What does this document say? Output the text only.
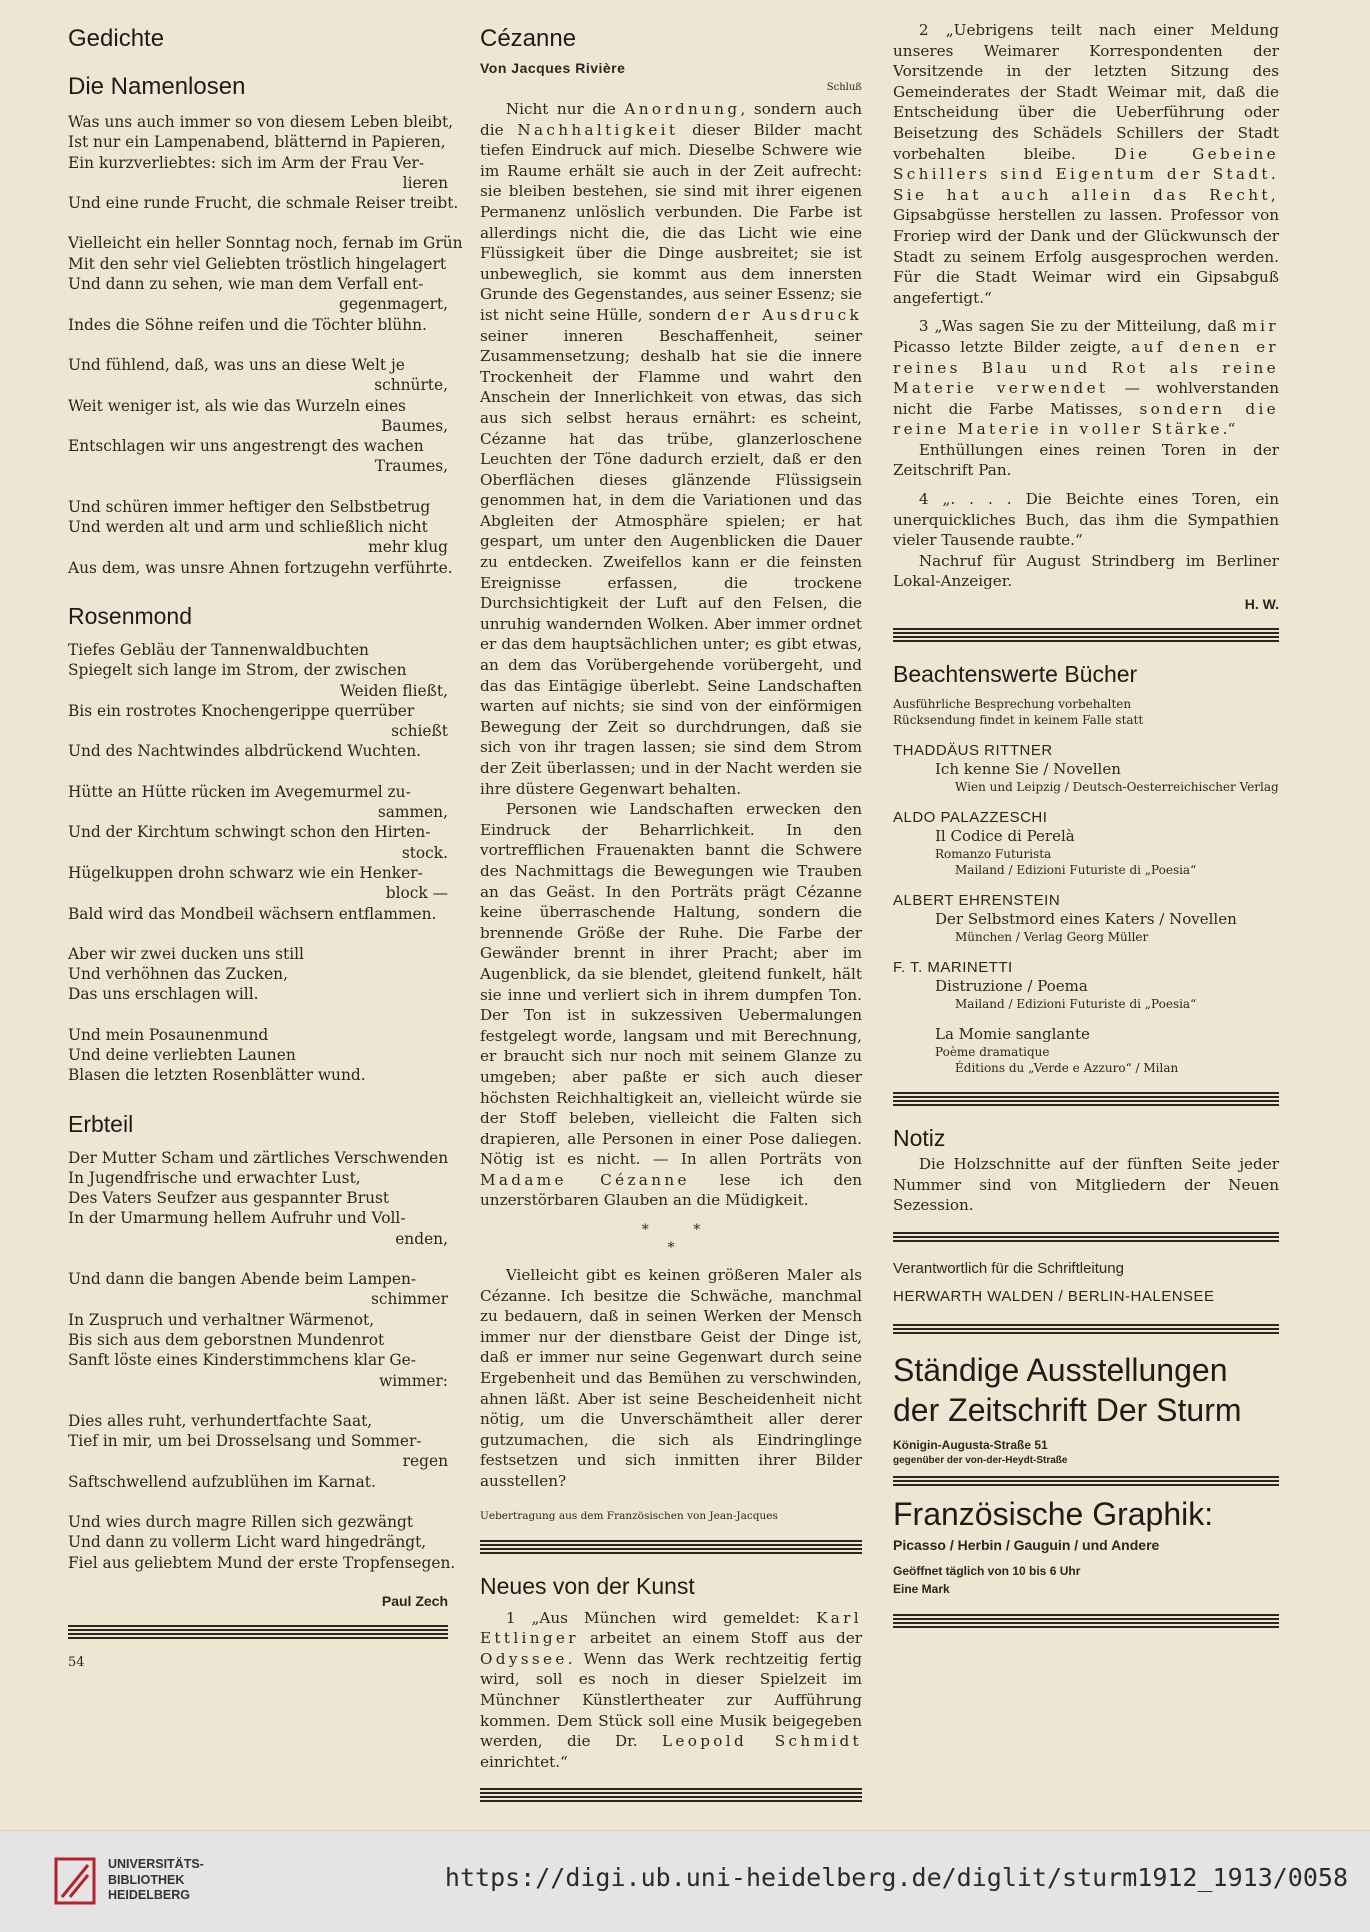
Gedichte
Die Namenlosen
Was uns auch immer so von diesem Leben bleibt,
Ist nur ein Lampenabend, blätternd in Papieren,
Ein kurzverliebtes: sich im Arm der Frau Ver-
lieren
Und eine runde Frucht, die schmale Reiser treibt.
Vielleicht ein heller Sonntag noch, fernab im Grün
Mit den sehr viel Geliebten tröstlich hingelagert
Und dann zu sehen, wie man dem Verfall ent-
gegenmagert,
Indes die Söhne reifen und die Töchter blühn.
Und fühlend, daß, was uns an diese Welt je
schnürte,
Weit weniger ist, als wie das Wurzeln eines
Baumes,
Entschlagen wir uns angestrengt des wachen
Traumes,
Und schüren immer heftiger den Selbstbetrug
Und werden alt und arm und schließlich nicht
mehr klug
Aus dem, was unsre Ahnen fortzugehn verführte.
Rosenmond
Tiefes Gebläu der Tannenwaldbuchten
Spiegelt sich lange im Strom, der zwischen
Weiden fließt,
Bis ein rostrotes Knochengerippe querrüber
schießt
Und des Nachtwindes albdrückend Wuchten.
Hütte an Hütte rücken im Avegemurmel zu-
sammen,
Und der Kirchtum schwingt schon den Hirten-
stock.
Hügelkuppen drohn schwarz wie ein Henker-
block —
Bald wird das Mondbeil wächsern entflammen.
Aber wir zwei ducken uns still
Und verhöhnen das Zucken,
Das uns erschlagen will.
Und mein Posaunenmund
Und deine verliebten Launen
Blasen die letzten Rosenblätter wund.
Erbteil
Der Mutter Scham und zärtliches Verschwenden
In Jugendfrische und erwachter Lust,
Des Vaters Seufzer aus gespannter Brust
In der Umarmung hellem Aufruhr und Voll-
enden,
Und dann die bangen Abende beim Lampen-
schimmer
In Zuspruch und verhaltner Wärmenot,
Bis sich aus dem geborstnen Mundenrot
Sanft löste eines Kinderstimmchens klar Ge-
wimmer:
Dies alles ruht, verhundertfachte Saat,
Tief in mir, um bei Drosselsang und Sommer-
regen
Saftschwellend aufzublühen im Karnat.
Und wies durch magre Rillen sich gezwängt
Und dann zu vollerm Licht ward hingedrängt,
Fiel aus geliebtem Mund der erste Tropfensegen.
Paul Zech
54
Cézanne
Von Jacques Rivière
Schluß

Nicht nur die Anordnung, sondern auch die Nachhaltigkeit dieser Bilder macht tiefen Eindruck auf mich. Dieselbe Schwere wie im Raume erhält sie auch in der Zeit aufrecht: sie bleiben bestehen, sie sind mit ihrer eigenen Permanenz unlöslich verbunden. Die Farbe ist allerdings nicht die, die das Licht wie eine Flüssigkeit über die Dinge ausbreitet; sie ist unbeweglich, sie kommt aus dem innersten Grunde des Gegenstandes, aus seiner Essenz; sie ist nicht seine Hülle, sondern der Ausdruck seiner inneren Beschaffenheit, seiner Zusammensetzung; deshalb hat sie die innere Trockenheit der Flamme und wahrt den Anschein der Innerlichkeit von etwas, das sich aus sich selbst heraus ernährt: es scheint, Cézanne hat das trübe, glanzerloschene Leuchten der Töne dadurch erzielt, daß er den Oberflächen dieses glänzende Flüssigsein genommen hat, in dem die Variationen und das Abgleiten der Atmosphäre spielen; er hat gespart, um unter den Augenblicken die Dauer zu entdecken. Zweifellos kann er die feinsten Ereignisse erfassen, die trockene Durchsichtigkeit der Luft auf den Felsen, die unruhig wandernden Wolken. Aber immer ordnet er das dem hauptsächlichen unter; es gibt etwas, an dem das Vorübergehende vorübergeht, und das das Eintägige überlebt. Seine Landschaften warten auf nichts; sie sind von der einförmigen Bewegung der Zeit so durchdrungen, daß sie sich von ihr tragen lassen; sie sind dem Strom der Zeit überlassen; und in der Nacht werden sie ihre düstere Gegenwart behalten.

Personen wie Landschaften erwecken den Eindruck der Beharrlichkeit. In den vortrefflichen Frauenakten bannt die Schwere des Nachmittags die Bewegungen wie Trauben an das Geäst. In den Porträts prägt Cézanne keine überraschende Haltung, sondern die brennende Größe der Ruhe. Die Farbe der Gewänder brennt in ihrer Pracht; aber im Augenblick, da sie blendet, gleitend funkelt, hält sie inne und verliert sich in ihrem dumpfen Ton. Der Ton ist in sukzessiven Uebermalungen festgelegt worde, langsam und mit Berechnung, er braucht sich nur noch mit seinem Glanze zu umgeben; aber paßte er sich auch dieser höchsten Reichhaltigkeit an, vielleicht würde sie der Stoff beleben, vielleicht die Falten sich drapieren, alle Personen in einer Pose daliegen. Nötig ist es nicht. — In allen Porträts von Madame Cézanne lese ich den unzerstörbaren Glauben an die Müdigkeit.

*          *
*

Vielleicht gibt es keinen größeren Maler als Cézanne. Ich besitze die Schwäche, manchmal zu bedauern, daß in seinen Werken der Mensch immer nur der dienstbare Geist der Dinge ist, daß er immer nur seine Gegenwart durch seine Ergebenheit und das Bemühen zu verschwinden, ahnen läßt. Aber ist seine Bescheidenheit nicht nötig, um die Unverschämtheit aller derer gutzumachen, die sich als Eindringlinge festsetzen und sich inmitten ihrer Bilder ausstellen?

Uebertragung aus dem Französischen von Jean-Jacques
Neues von der Kunst

1 „Aus München wird gemeldet: Karl Ettlinger arbeitet an einem Stoff aus der Odyssee. Wenn das Werk rechtzeitig fertig wird, soll es noch in dieser Spielzeit im Münchner Künstlertheater zur Aufführung kommen. Dem Stück soll eine Musik beigegeben werden, die Dr. Leopold Schmidt einrichtet.“

2 „Uebrigens teilt nach einer Meldung unseres Weimarer Korrespondenten der Vorsitzende in der letzten Sitzung des Gemeinderates der Stadt Weimar mit, daß die Entscheidung über die Ueberführung oder Beisetzung des Schädels Schillers der Stadt vorbehalten bleibe. Die Gebeine Schillers sind Eigentum der Stadt. Sie hat auch allein das Recht, Gipsabgüsse herstellen zu lassen. Professor von Froriep wird der Dank und der Glückwunsch der Stadt zu seinem Erfolg ausgesprochen werden. Für die Stadt Weimar wird ein Gipsabguß angefertigt.“

3 „Was sagen Sie zu der Mitteilung, daß mir Picasso letzte Bilder zeigte, auf denen er reines Blau und Rot als reine Materie verwendet — wohlverstanden nicht die Farbe Matisses, sondern die reine Materie in voller Stärke.“

Enthüllungen eines reinen Toren in der Zeitschrift Pan.

4 „. . . . Die Beichte eines Toren, ein unerquickliches Buch, das ihm die Sympathien vieler Tausende raubte.“

Nachruf für August Strindberg im Berliner Lokal-Anzeiger.

H. W.
Beachtenswerte Bücher
Ausführliche Besprechung vorbehalten
Rücksendung findet in keinem Falle statt
THADDÄUS RITTNER
Ich kenne Sie / Novellen
Wien und Leipzig / Deutsch-Oesterreichischer Verlag
ALDO PALAZZESCHI
Il Codice di Perelà
Romanzo Futurista
Mailand / Edizioni Futuriste di „Poesia“
ALBERT EHRENSTEIN
Der Selbstmord eines Katers / Novellen
München / Verlag Georg Müller
F. T. MARINETTI
Distruzione / Poema
Mailand / Edizioni Futuriste di „Poesia“
La Momie sanglante
Poème dramatique
Éditions du „Verde e Azzuro“ / Milan
Notiz

Die Holzschnitte auf der fünften Seite jeder Nummer sind von Mitgliedern der Neuen Sezession.

Verantwortlich für die Schriftleitung
HERWARTH WALDEN / BERLIN-HALENSEE
Ständige Ausstellungen der Zeitschrift Der Sturm
Königin-Augusta-Straße 51
gegenüber der von-der-Heydt-Straße
Französische Graphik:
Picasso / Herbin / Gauguin / und Andere
Geöffnet täglich von 10 bis 6 Uhr
Eine Mark
UNIVERSITÄTS-
BIBLIOTHEK
HEIDELBERG
https://digi.ub.uni-heidelberg.de/diglit/sturm1912_1913/0058
